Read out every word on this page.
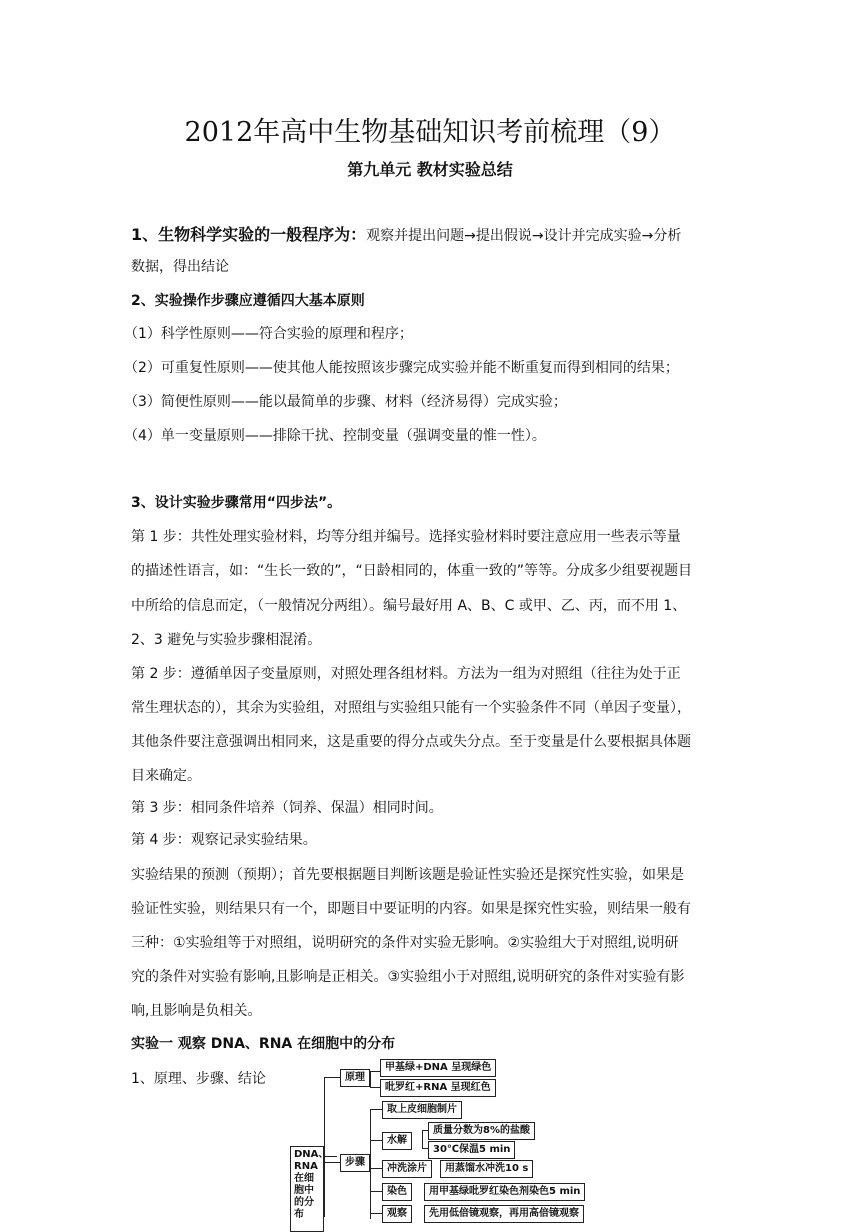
2012年高中生物基础知识考前梳理（9）
第九单元 教材实验总结
1、生物科学实验的一般程序为：观察并提出问题→提出假说→设计并完成实验→分析
数据，得出结论
2、实验操作步骤应遵循四大基本原则
（1）科学性原则——符合实验的原理和程序；
（2）可重复性原则——使其他人能按照该步骤完成实验并能不断重复而得到相同的结果；
（3）简便性原则——能以最简单的步骤、材料（经济易得）完成实验；
（4）单一变量原则——排除干扰、控制变量（强调变量的惟一性）。
3、设计实验步骤常用“四步法”。
第 1 步：共性处理实验材料，均等分组并编号。选择实验材料时要注意应用一些表示等量
的描述性语言，如：“生长一致的”，“日龄相同的，体重一致的”等等。分成多少组要视题目
中所给的信息而定，（一般情况分两组）。编号最好用 A、B、C 或甲、乙、丙，而不用 1、
2、3 避免与实验步骤相混淆。
第 2 步：遵循单因子变量原则，对照处理各组材料。方法为一组为对照组（往往为处于正
常生理状态的），其余为实验组，对照组与实验组只能有一个实验条件不同（单因子变量），
其他条件要注意强调出相同来，这是重要的得分点或失分点。至于变量是什么要根据具体题
目来确定。
第 3 步：相同条件培养（饲养、保温）相同时间。
第 4 步：观察记录实验结果。
实验结果的预测（预期）；首先要根据题目判断该题是验证性实验还是探究性实验，如果是
验证性实验，则结果只有一个，即题目中要证明的内容。如果是探究性实验，则结果一般有
三种：①实验组等于对照组，说明研究的条件对实验无影响。②实验组大于对照组,说明研
究的条件对实验有影响,且影响是正相关。③实验组小于对照组,说明研究的条件对实验有影
响,且影响是负相关。
实验一 观察 DNA、RNA 在细胞中的分布
1、原理、步骤、结论
DNA、RNA在细胞中的分布
原理
甲基绿+DNA 呈现绿色
吡罗红+RNA 呈现红色
步骤
取上皮细胞制片
水解
质量分数为8%的盐酸
30℃保温5 min
冲洗涂片	用蒸馏水冲洗10 s
染色	用甲基绿吡罗红染色剂染色5 min
观察	先用低倍镜观察，再用高倍镜观察
